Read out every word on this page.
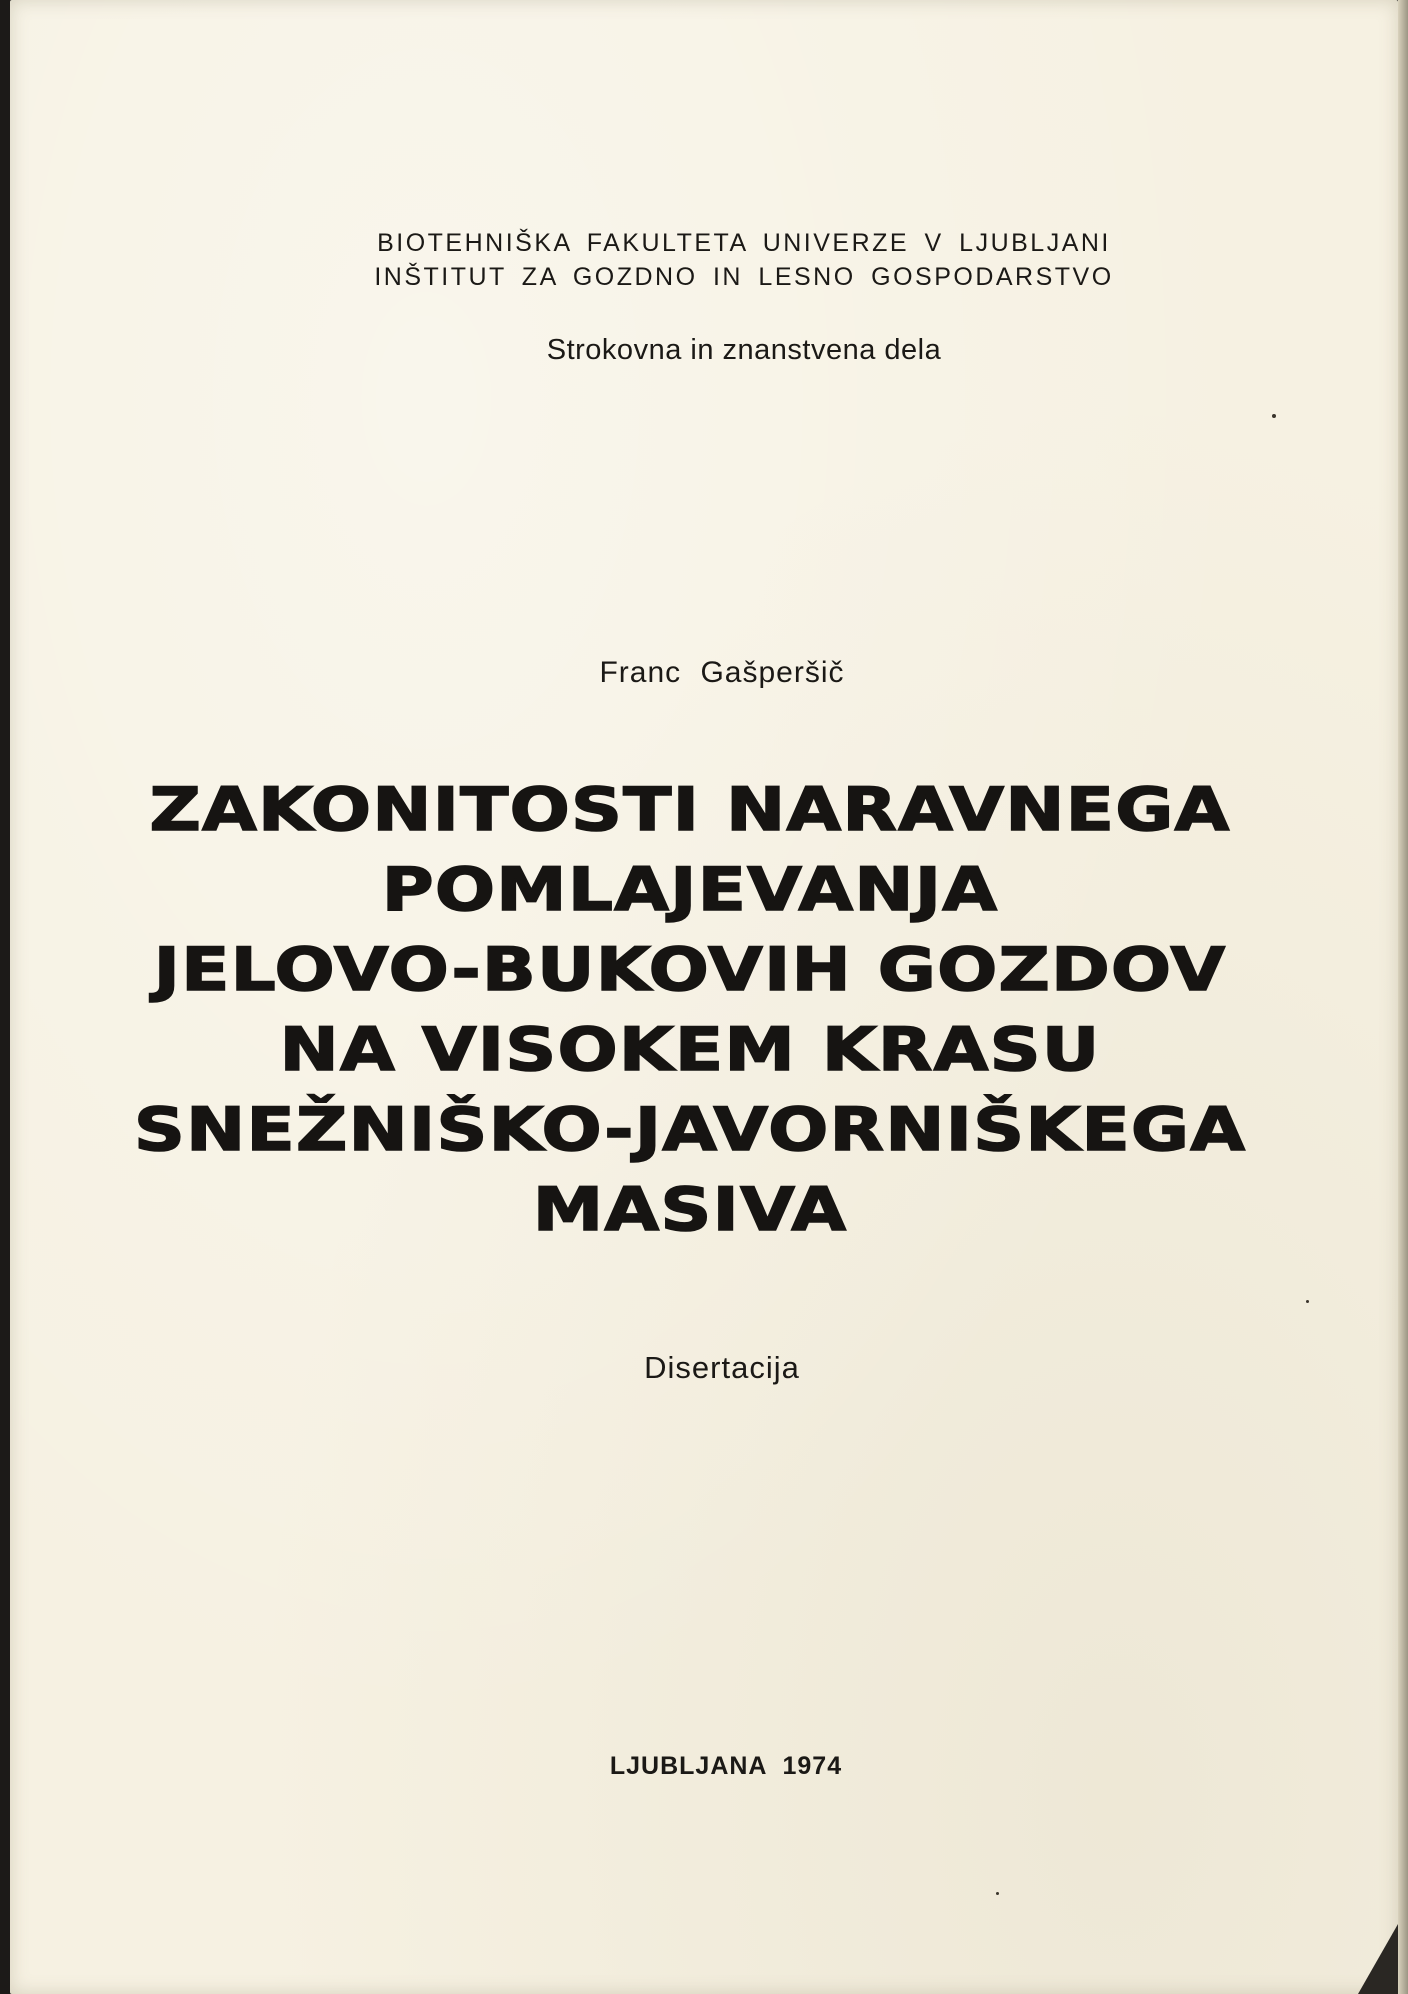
BIOTEHNIŠKA FAKULTETA UNIVERZE V LJUBLJANI

INŠTITUT ZA GOZDNO IN LESNO GOSPODARSTVO

Strokovna in znanstvena dela

Franc Gašperšič

ZAKONITOSTI NARAVNEGA
POMLAJEVANJA
JELOVO-BUKOVIH GOZDOV
NA VISOKEM KRASU
SNEŽNIŠKO-JAVORNIŠKEGA
MASIVA

Disertacija

LJUBLJANA 1974
